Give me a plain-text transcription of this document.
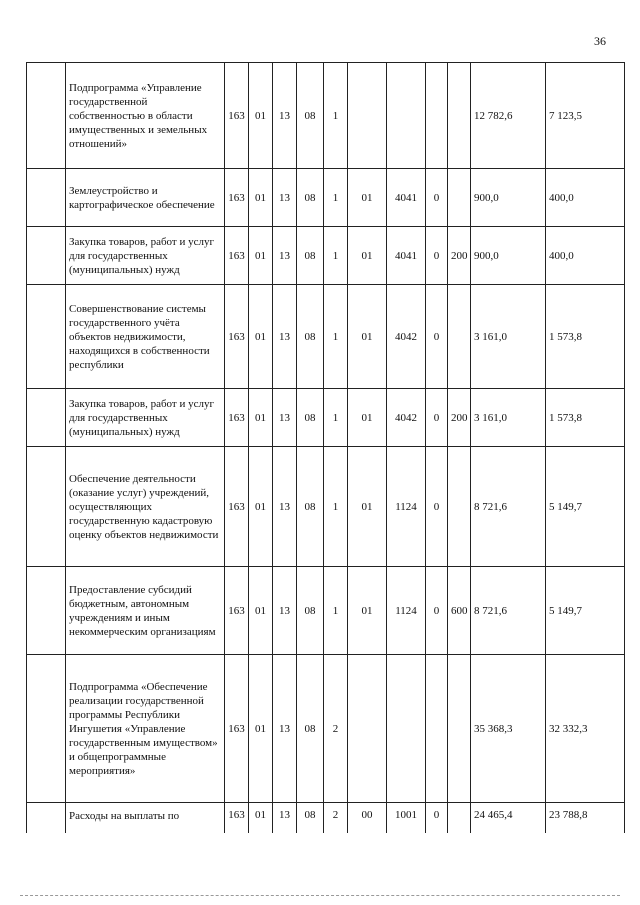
36
	Подпрограмма «Управление государственной собственностью в области имущественных и земельных отношений»	163	01	13	08	1					12 782,6	7 123,5
	Землеустройство и картографическое обеспечение	163	01	13	08	1	01	4041	0		900,0	400,0
	Закупка товаров, работ и услуг для государственных (муниципальных) нужд	163	01	13	08	1	01	4041	0	200	900,0	400,0
	Совершенствование системы государственного учёта объектов недвижимости, находящихся в собственности республики	163	01	13	08	1	01	4042	0		3 161,0	1 573,8
	Закупка товаров, работ и услуг для государственных (муниципальных) нужд	163	01	13	08	1	01	4042	0	200	3 161,0	1 573,8
	Обеспечение деятельности (оказание услуг) учреждений, осуществляющих государственную кадастровую оценку объектов недвижимости	163	01	13	08	1	01	1124	0		8 721,6	5 149,7
	Предоставление субсидий бюджетным, автономным учреждениям и иным некоммерческим организациям	163	01	13	08	1	01	1124	0	600	8 721,6	5 149,7
	Подпрограмма «Обеспечение реализации государственной программы Республики Ингушетия «Управление государственным имуществом» и общепрограммные мероприятия»	163	01	13	08	2					35 368,3	32 332,3
	Расходы на выплаты по	163	01	13	08	2	00	1001	0		24 465,4	23 788,8
